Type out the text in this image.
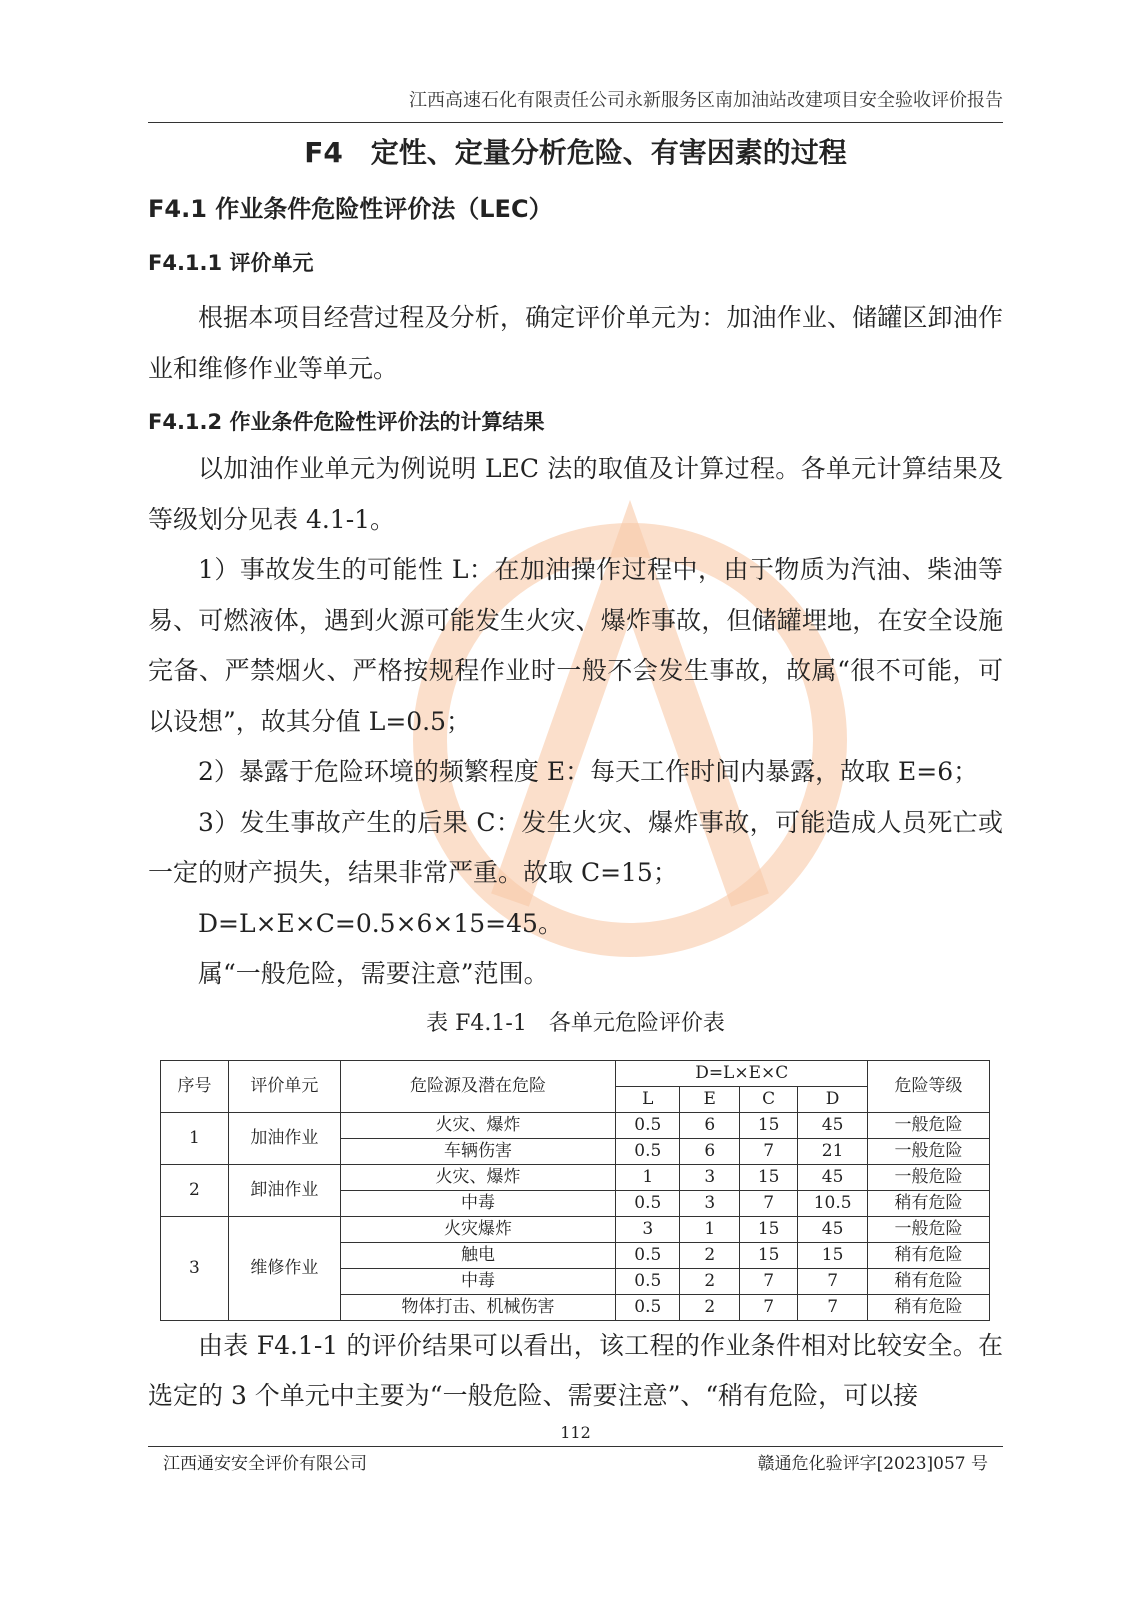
江西高速石化有限责任公司永新服务区南加油站改建项目安全验收评价报告
F4　定性、定量分析危险、有害因素的过程
F4.1 作业条件危险性评价法（LEC）
F4.1.1 评价单元
根据本项目经营过程及分析，确定评价单元为：加油作业、储罐区卸油作业和维修作业等单元。
F4.1.2 作业条件危险性评价法的计算结果
以加油作业单元为例说明 LEC 法的取值及计算过程。各单元计算结果及等级划分见表 4.1-1。
1）事故发生的可能性 L：在加油操作过程中，由于物质为汽油、柴油等易、可燃液体，遇到火源可能发生火灾、爆炸事故，但储罐埋地，在安全设施完备、严禁烟火、严格按规程作业时一般不会发生事故，故属“很不可能，可以设想”，故其分值 L=0.5；
2）暴露于危险环境的频繁程度 E：每天工作时间内暴露，故取 E=6；
3）发生事故产生的后果 C：发生火灾、爆炸事故，可能造成人员死亡或一定的财产损失，结果非常严重。故取 C=15；
D=L×E×C=0.5×6×15=45。
属“一般危险，需要注意”范围。
表 F4.1-1　各单元危险评价表
序号	评价单元	危险源及潜在危险	D=L×E×C				危险等级
			L	E	C	D	
1	加油作业	火灾、爆炸	0.5	6	15	45	一般危险
		车辆伤害	0.5	6	7	21	一般危险
2	卸油作业	火灾、爆炸	1	3	15	45	一般危险
		中毒	0.5	3	7	10.5	稍有危险
3	维修作业	火灾爆炸	3	1	15	45	一般危险
		触电	0.5	2	15	15	稍有危险
		中毒	0.5	2	7	7	稍有危险
		物体打击、机械伤害	0.5	2	7	7	稍有危险
由表 F4.1-1 的评价结果可以看出，该工程的作业条件相对比较安全。在选定的 3 个单元中主要为“一般危险、需要注意”、“稍有危险，可以接
112
江西通安安全评价有限公司	赣通危化验评字[2023]057 号
